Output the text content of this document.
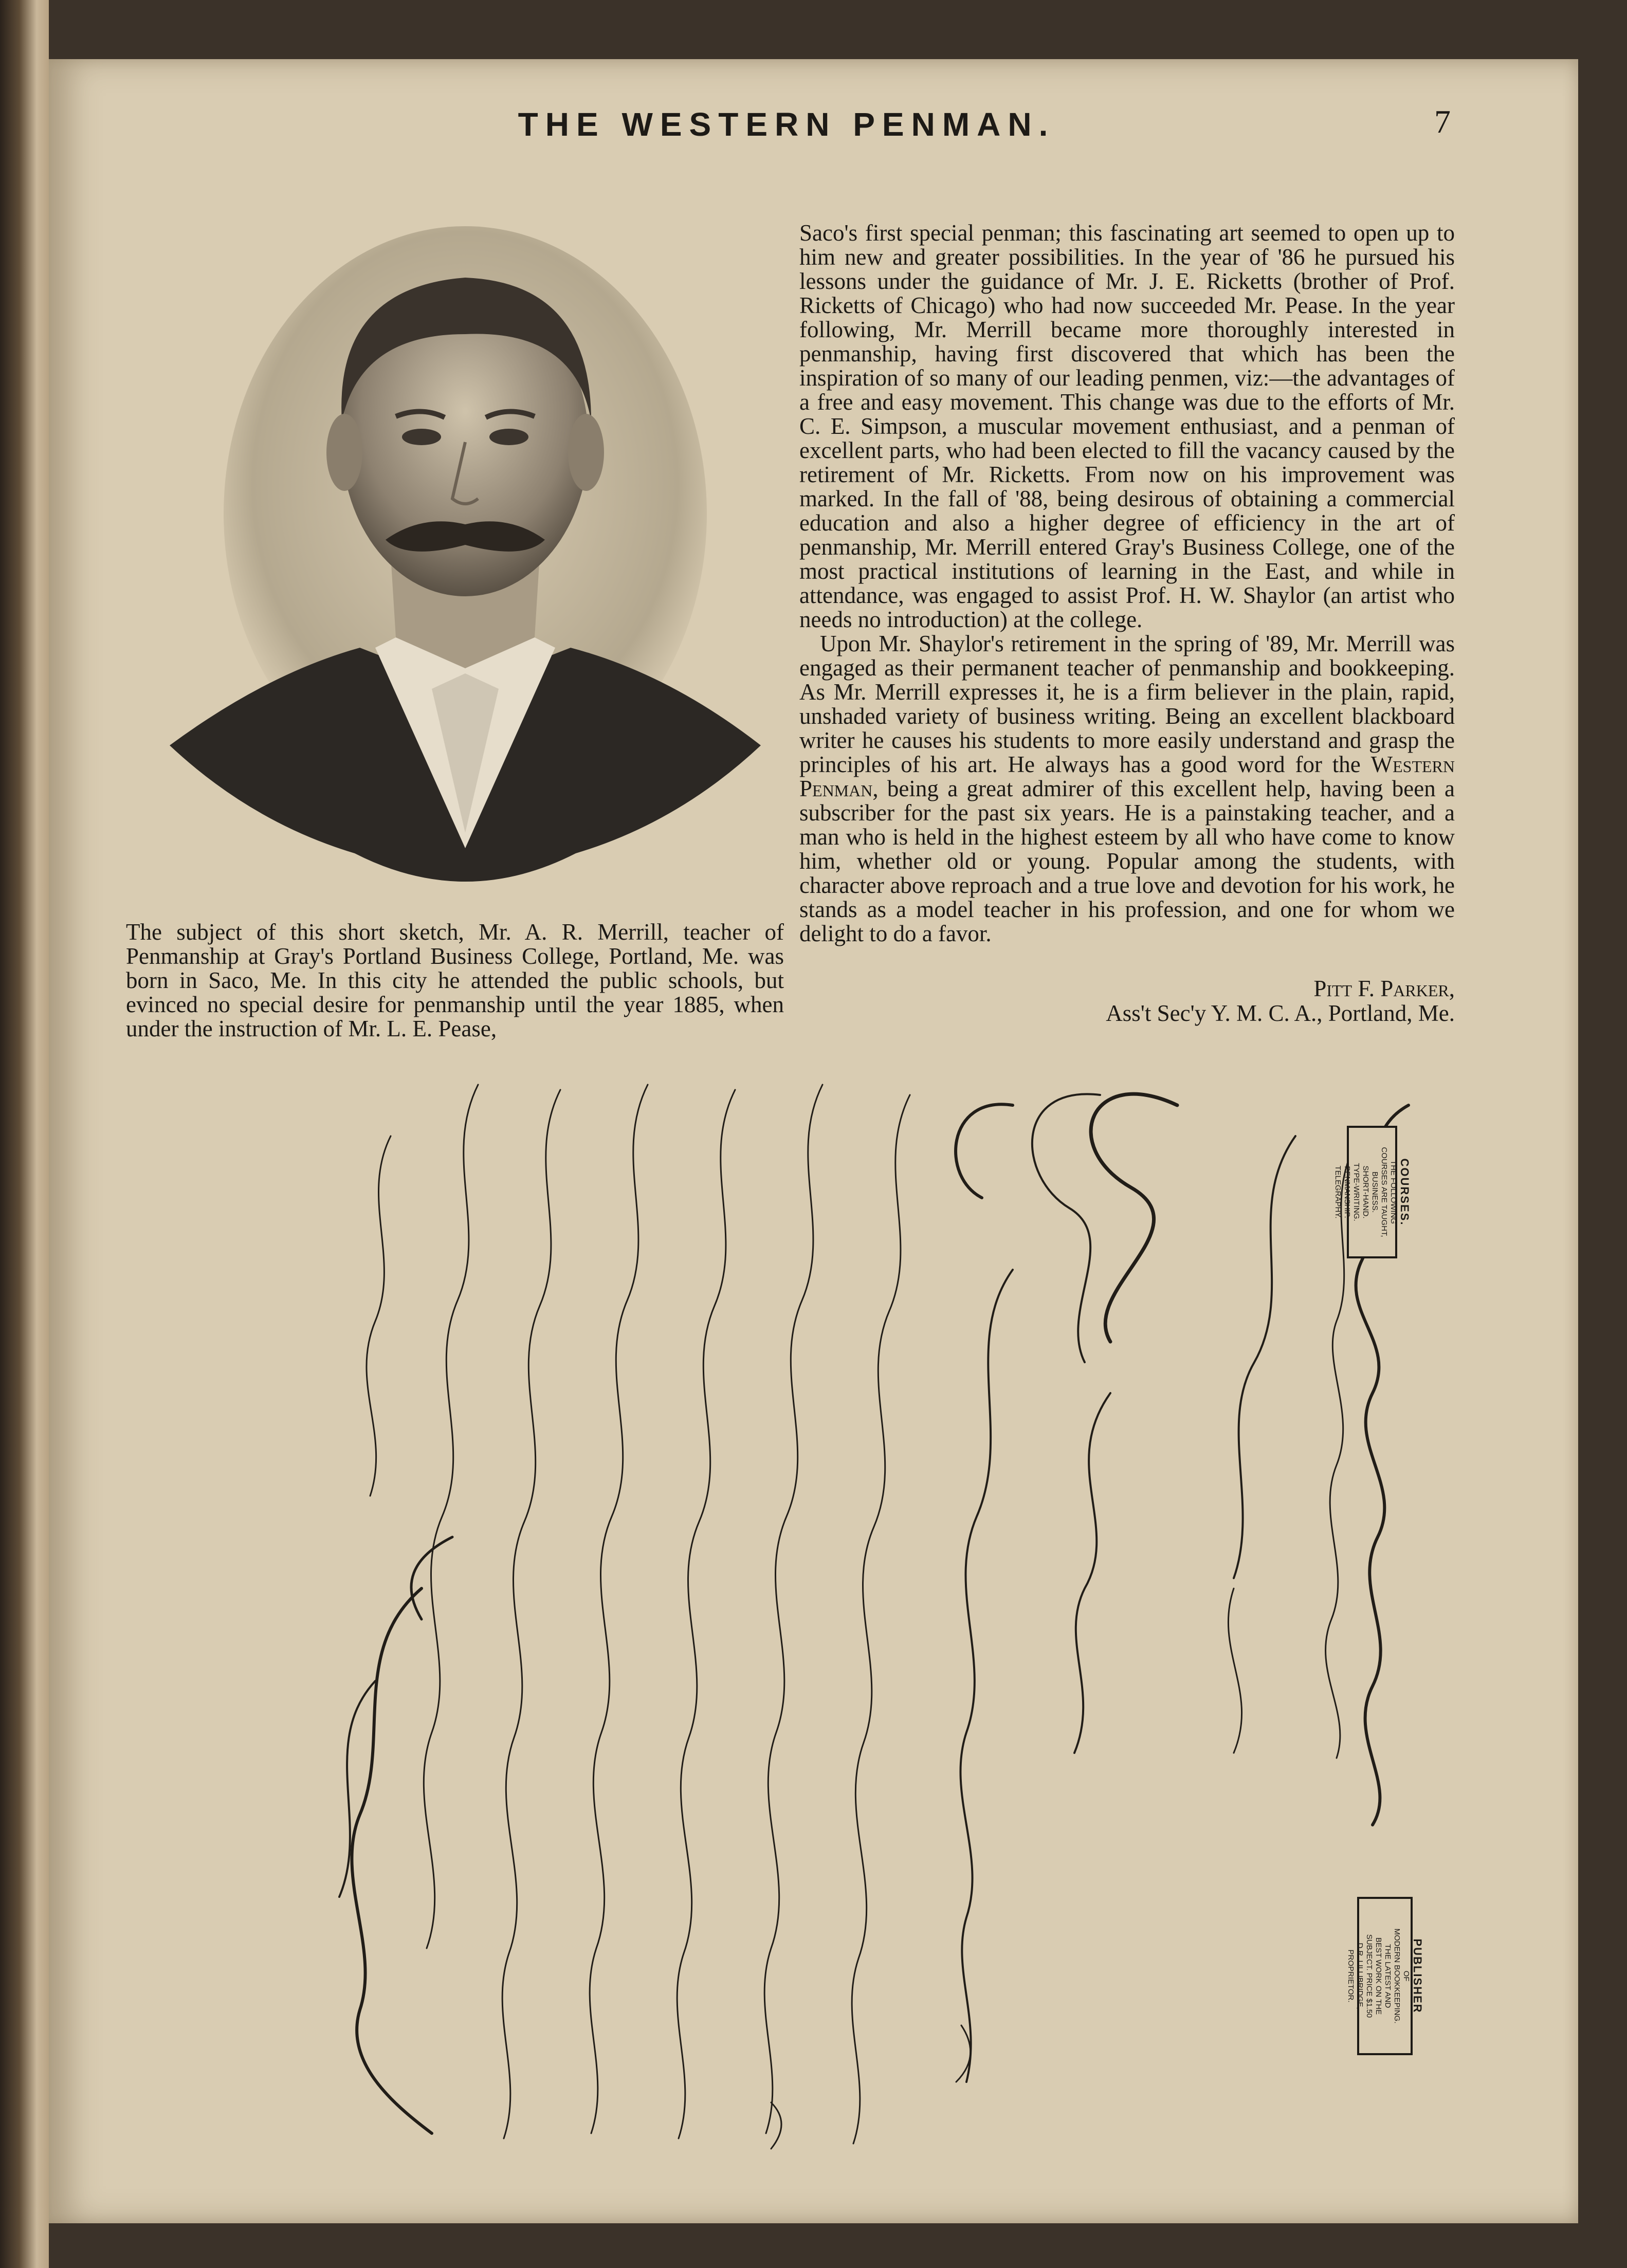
THE WESTERN PENMAN.	7
The subject of this short sketch, Mr. A. R. Merrill, teacher of Penmanship at Gray's Portland Business College, Portland, Me. was born in Saco, Me. In this city he attended the public schools, but evinced no special desire for penmanship until the year 1885, when under the instruction of Mr. L. E. Pease,

Saco's first special penman; this fascinating art seemed to open up to him new and greater possibilities. In the year of '86 he pursued his lessons under the guidance of Mr. J. E. Ricketts (brother of Prof. Ricketts of Chicago) who had now succeeded Mr. Pease. In the year following, Mr. Merrill became more thoroughly interested in penmanship, having first discovered that which has been the inspiration of so many of our leading penmen, viz:—the advantages of a free and easy movement. This change was due to the efforts of Mr. C. E. Simpson, a muscular movement enthusiast, and a penman of excellent parts, who had been elected to fill the vacancy caused by the retirement of Mr. Ricketts. From now on his improvement was marked. In the fall of '88, being desirous of obtaining a commercial education and also a higher degree of efficiency in the art of penmanship, Mr. Merrill entered Gray's Business College, one of the most practical institutions of learning in the East, and while in attendance, was engaged to assist Prof. H. W. Shaylor (an artist who needs no introduction) at the college.

Upon Mr. Shaylor's retirement in the spring of '89, Mr. Merrill was engaged as their permanent teacher of penmanship and bookkeeping. As Mr. Merrill expresses it, he is a firm believer in the plain, rapid, unshaded variety of business writing. Being an excellent blackboard writer he causes his students to more easily understand and grasp the principles of his art. He always has a good word for the Western Penman, being a great admirer of this excellent help, having been a subscriber for the past six years. He is a painstaking teacher, and a man who is held in the highest esteem by all who have come to know him, whether old or young. Popular among the students, with character above reproach and a true love and devotion for his work, he stands as a model teacher in his profession, and one for whom we delight to do a favor.

Pitt F. Parker,
Ass't Sec'y Y. M. C. A., Portland, Me.
COURSES.
THE FOLLOWING
COURSES ARE TAUGHT,
BUSINESS.
SHORT-HAND.
TYPE-WRITING.
PENMANSHIP.
TELEGRAPHY.
PUBLISHER
OF
MODERN BOOKKEEPING.
THE LATEST AND
BEST WORK ON THE
SUBJECT. PRICE $1.50
D.R. LILLIBRIDGE,
PROPRIETOR.
